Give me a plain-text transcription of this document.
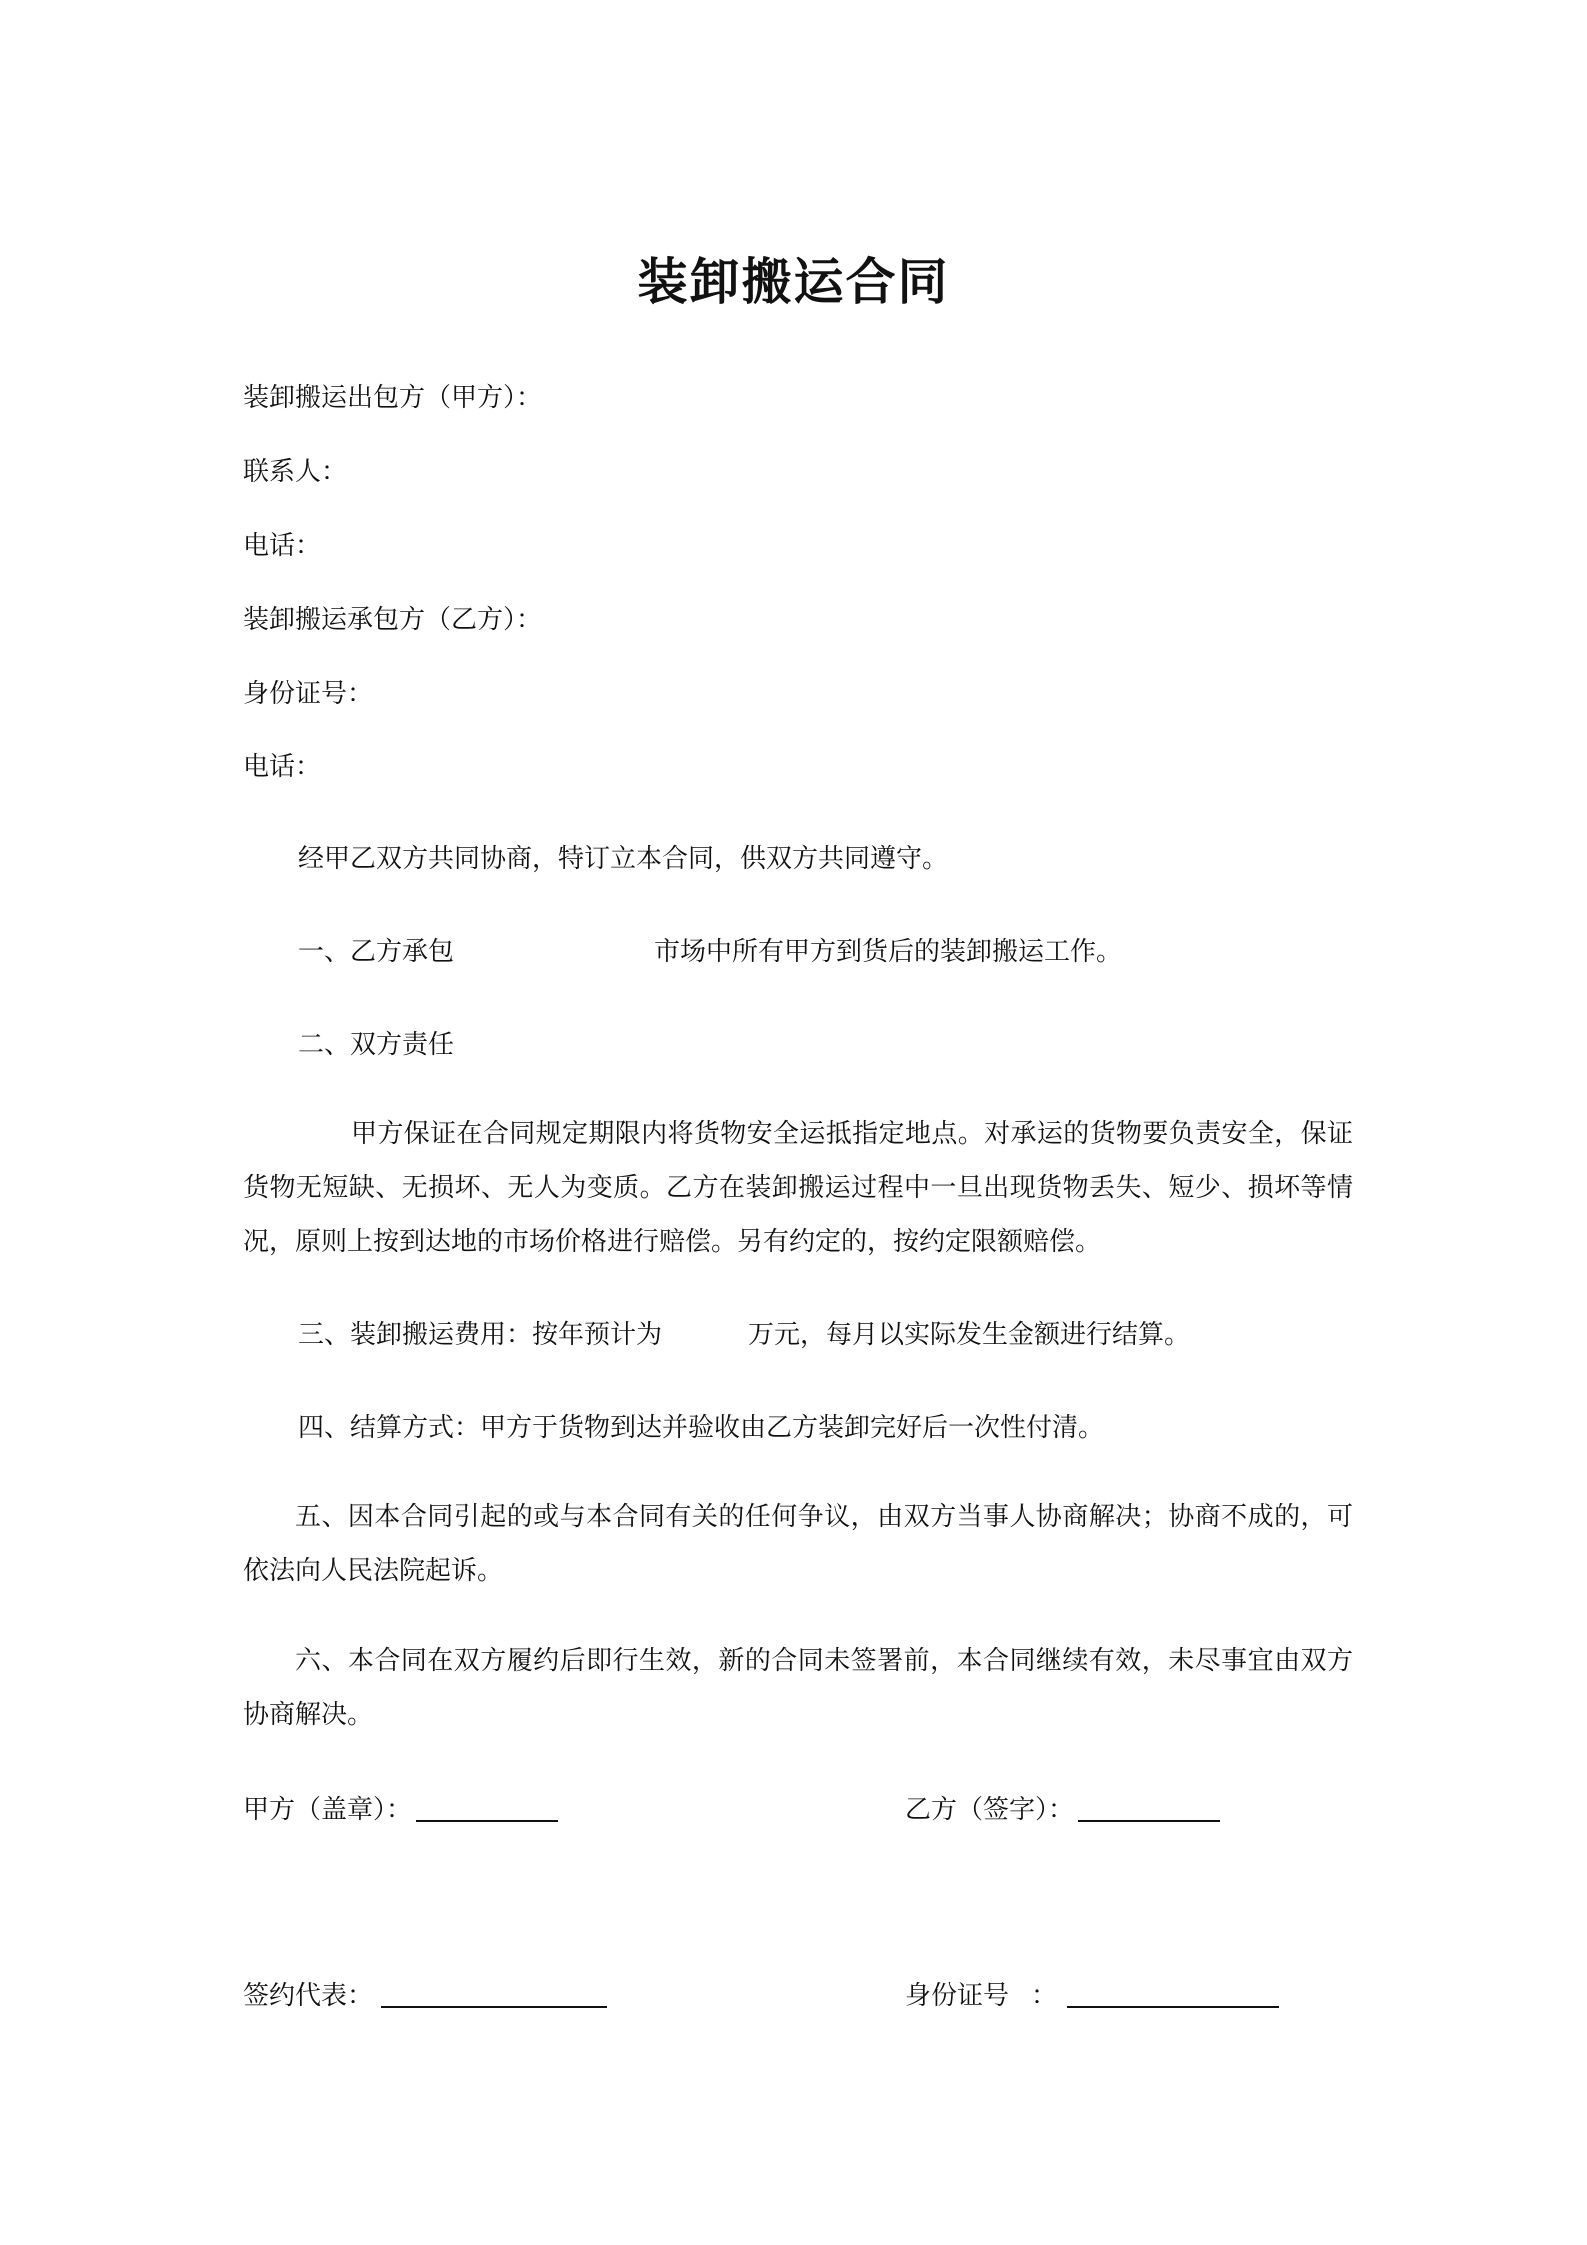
装卸搬运合同
装卸搬运出包方（甲方）：
联系人：
电话：
装卸搬运承包方（乙方）：
身份证号：
电话：
经甲乙双方共同协商，特订立本合同，供双方共同遵守。
一、乙方承包	市场中所有甲方到货后的装卸搬运工作。
二、双方责任
甲方保证在合同规定期限内将货物安全运抵指定地点。对承运的货物要负责安全，保证货物无短缺、无损坏、无人为变质。乙方在装卸搬运过程中一旦出现货物丢失、短少、损坏等情况，原则上按到达地的市场价格进行赔偿。另有约定的，按约定限额赔偿。
三、装卸搬运费用：按年预计为	万元，每月以实际发生金额进行结算。
四、结算方式：甲方于货物到达并验收由乙方装卸完好后一次性付清。
五、因本合同引起的或与本合同有关的任何争议，由双方当事人协商解决；协商不成的，可依法向人民法院起诉。
六、本合同在双方履约后即行生效，新的合同未签署前，本合同继续有效，未尽事宜由双方协商解决。
甲方（盖章）：	乙方（签字）：
签约代表：	身份证号 ：
